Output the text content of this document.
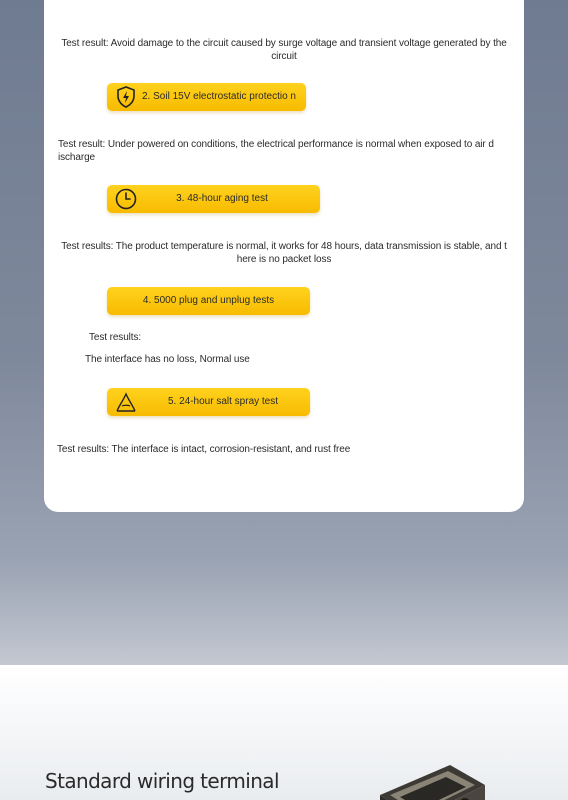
Test result: Avoid damage to the circuit caused by surge voltage and transient voltage generated by the circuit
2. Soil 15V electrostatic protectio n
Test result: Under powered on conditions, the electrical performance is normal when exposed to air d ischarge
3. 48-hour aging test
Test results: The product temperature is normal, it works for 48 hours, data transmission is stable, and t here is no packet loss
4. 5000 plug and unplug tests
Test results:
The interface has no loss, Normal use
5. 24-hour salt spray test
Test results: The interface is intact, corrosion-resistant, and rust free
Standard wiring terminal
